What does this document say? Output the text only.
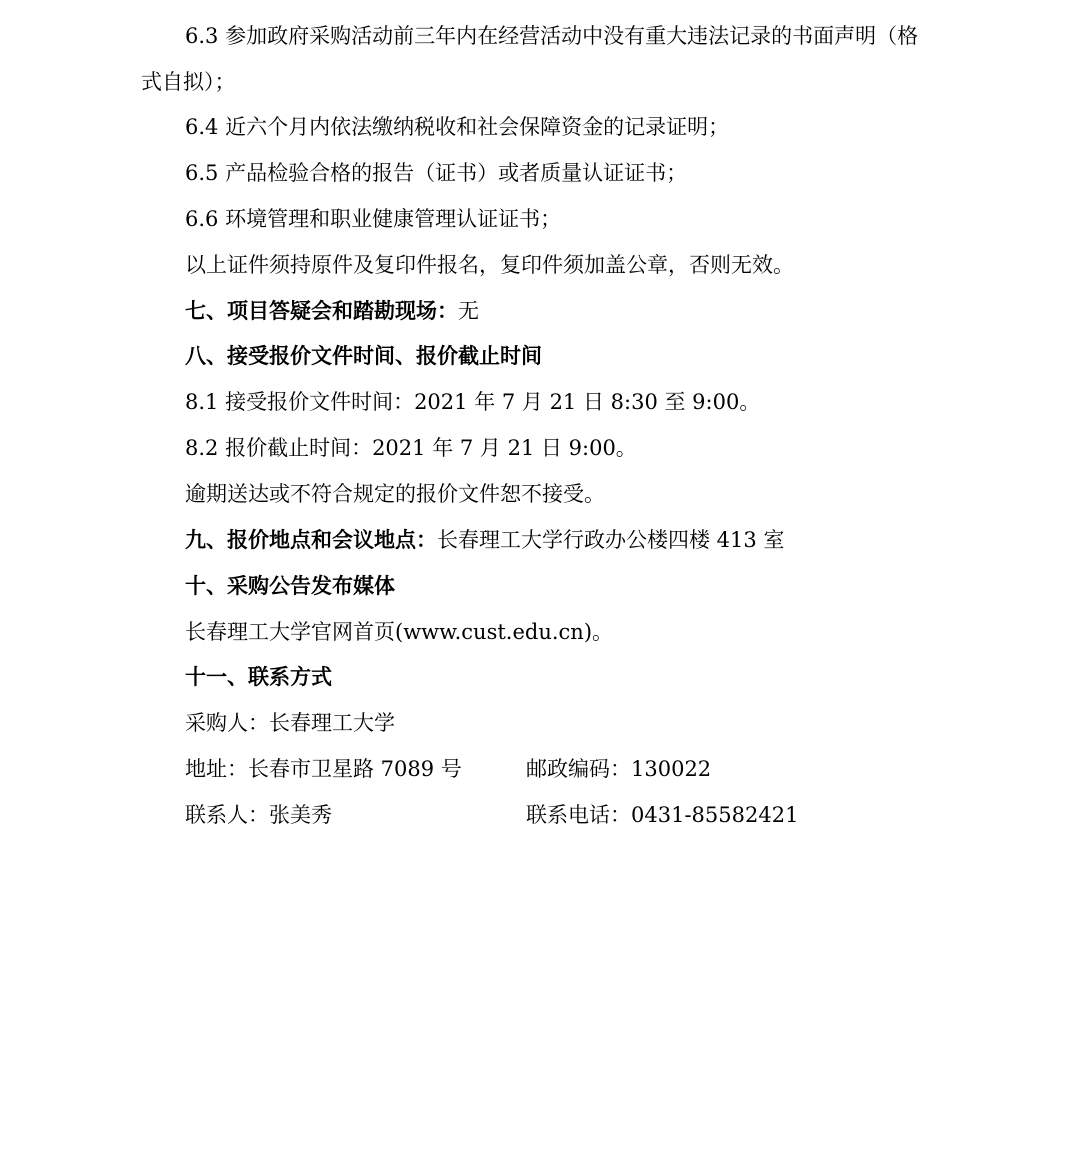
6.3 参加政府采购活动前三年内在经营活动中没有重大违法记录的书面声明（格
式自拟）；
6.4 近六个月内依法缴纳税收和社会保障资金的记录证明；
6.5 产品检验合格的报告（证书）或者质量认证证书；
6.6 环境管理和职业健康管理认证证书；
以上证件须持原件及复印件报名，复印件须加盖公章，否则无效。
七、项目答疑会和踏勘现场：无
八、接受报价文件时间、报价截止时间
8.1 接受报价文件时间：2021 年 7 月 21 日 8:30 至 9:00。
8.2 报价截止时间：2021 年 7 月 21 日 9:00。
逾期送达或不符合规定的报价文件恕不接受。
九、报价地点和会议地点：长春理工大学行政办公楼四楼 413 室
十、采购公告发布媒体
长春理工大学官网首页(www.cust.edu.cn)。
十一、联系方式
采购人：长春理工大学
地址：长春市卫星路 7089 号	邮政编码：130022
联系人：张美秀	联系电话：0431-85582421
